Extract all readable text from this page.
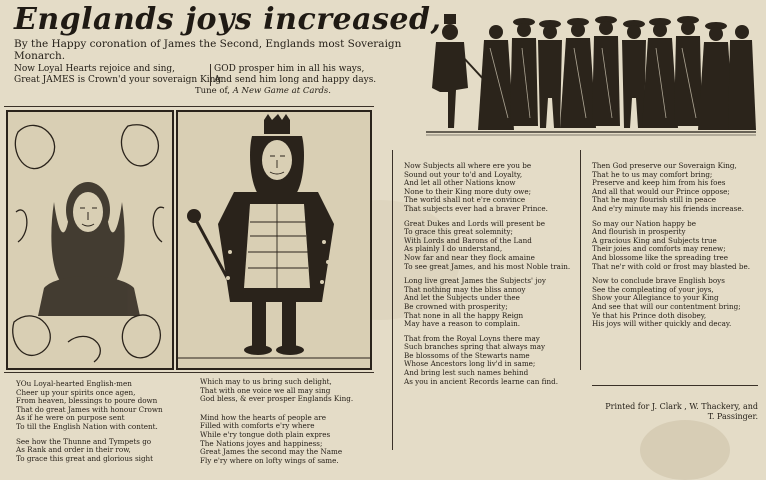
Englands joys increased,
By the Happy coronation of James the Second, Englands most Soveraign Monarch.
Now Loyal Hearts rejoice and sing,
Great JAMES is Crown'd your soveraign King
GOD prosper him in all his ways,
And send him long and happy days.
Tune of, A New Game at Cards.
YOu Loyal-hearted English-men
Cheer up your spirits once agen,
From heaven, blessings to poure down
That do great James with honour Crown
As if he were on purpose sent
To till the English Nation with content.
See how the Thunne and Tympets go
As Rank and order in their row,
To grace this great and glorious sight
Which may to us bring such delight,
That with one voice we all may sing
God bless, & ever prosper Englands King.
Mind how the hearts of people are
Filled with comforts e'ry where
While e'ry tongue doth plain expres
The Nations joyes and happiness;
Great James the second may the Name
Fly e'ry where on lofty wings of same.
Now Subjects all where ere you be
Sound out your to'd and Loyalty,
And let all other Nations know
None to their King more duty owe;
The world shall not e're convince
That subjects ever had a braver Prince.
Great Dukes and Lords will present be
To grace this great solemnity;
With Lords and Barons of the Land
As plainly I do understand,
Now far and near they flock amaine
To see great James, and his most Noble train.
Long live great James the Subjects' joy
That nothing may the bliss annoy
And let the Subjects under thee
Be crowned with prosperity;
That none in all the happy Reign
May have a reason to complain.
That from the Royal Loyns there may
Such branches spring that always may
Be blossoms of the Stewarts name
Whose Ancestors long liv'd in same;
And bring lest such names behind
As you in ancient Records learne can find.
Then God preserve our Soveraign King,
That he to us may comfort bring;
Preserve and keep him from his foes
And all that would our Prince oppose;
That he may flourish still in peace
And e'ry minute may his friends increase.
So may our Nation happy be
And flourish in prosperity
A gracious King and Subjects true
Their joies and comforts may renew;
And blossome like the spreading tree
That ne'r with cold or frost may blasted be.
Now to conclude brave English boys
See the compleating of your joys,
Show your Allegiance to your King
And see that will our contentment bring;
Ye that his Prince doth disobey,
His joys will wither quickly and decay.
Printed for J. Clark , W. Thackery, and T. Passinger.
